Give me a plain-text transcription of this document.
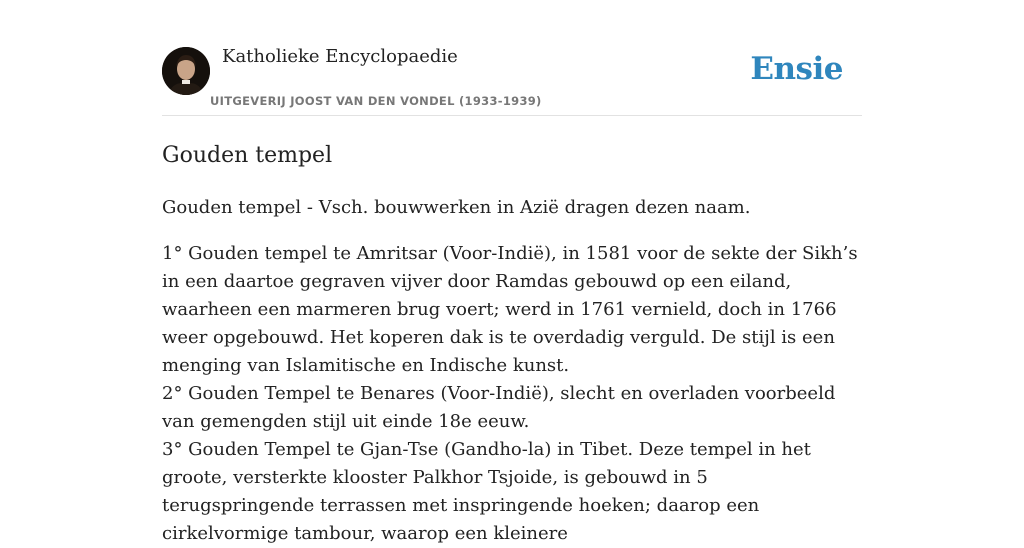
Katholieke Encyclopaedie
UITGEVERIJ JOOST VAN DEN VONDEL (1933-1939)
Ensie
Gouden tempel

Gouden tempel - Vsch. bouwwerken in Azië dragen dezen naam.

1° Gouden tempel te Amritsar (Voor-Indië), in 1581 voor de sekte der Sikh’s in een daartoe gegraven vijver door Ramdas gebouwd op een eiland, waarheen een marmeren brug voert; werd in 1761 vernield, doch in 1766 weer opgebouwd. Het koperen dak is te overdadig verguld. De stijl is een menging van Islamitische en Indische kunst.

2° Gouden Tempel te Benares (Voor-Indië), slecht en overladen voorbeeld van gemengden stijl uit einde 18e eeuw.

3° Gouden Tempel te Gjan-Tse (Gandho-la) in Tibet. Deze tempel in het groote, versterkte klooster Palkhor Tsjoide, is gebouwd in 5 terugspringende terrassen met inspringende hoeken; daarop een cirkelvormige tambour, waarop een kleinere
